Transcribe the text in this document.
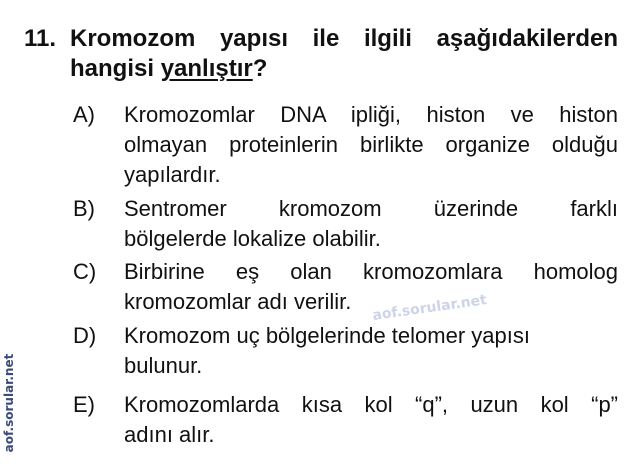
11. Kromozom yapısı ile ilgili aşağıdakilerden
hangisi yanlıştır?
A) Kromozomlar DNA ipliği, histon ve histon
olmayan proteinlerin birlikte organize olduğu
yapılardır.
B) Sentromer kromozom üzerinde farklı
bölgelerde lokalize olabilir.
C) Birbirine eş olan kromozomlara homolog
kromozomlar adı verilir.
D) Kromozom uç bölgelerinde telomer yapısı
bulunur.
E) Kromozomlarda kısa kol “q”, uzun kol “p”
adını alır.
aof.sorular.net
aof.sorular.net
